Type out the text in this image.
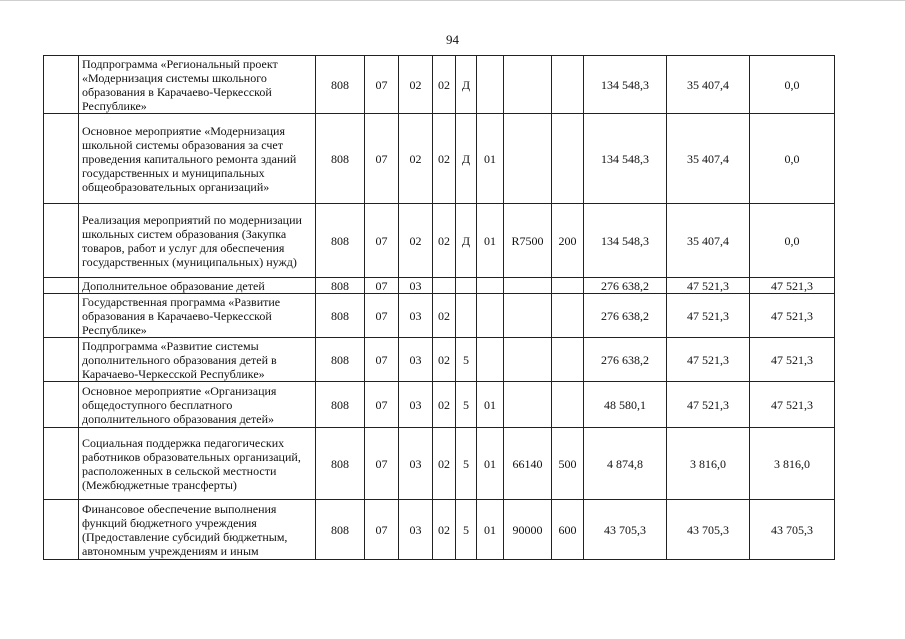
94
	Подпрограмма «Региональный проект «Модернизация системы школьного образования в Карачаево-Черкесской Республике»	808	07	02	02	Д				134 548,3	35 407,4	0,0
	Основное мероприятие «Модернизация школьной системы образования за счет проведения капитального ремонта зданий государственных и муниципальных общеобразовательных организаций»	808	07	02	02	Д	01			134 548,3	35 407,4	0,0
	Реализация мероприятий по модернизации школьных систем образования (Закупка товаров, работ и услуг для обеспечения государственных (муниципальных) нужд)	808	07	02	02	Д	01	R7500	200	134 548,3	35 407,4	0,0
	Дополнительное образование детей	808	07	03						276 638,2	47 521,3	47 521,3
	Государственная программа «Развитие образования в Карачаево-Черкесской Республике»	808	07	03	02					276 638,2	47 521,3	47 521,3
	Подпрограмма «Развитие системы дополнительного образования детей в Карачаево-Черкесской Республике»	808	07	03	02	5				276 638,2	47 521,3	47 521,3
	Основное мероприятие «Организация общедоступного бесплатного дополнительного образования детей»	808	07	03	02	5	01			48 580,1	47 521,3	47 521,3
	Социальная поддержка педагогических работников образовательных организаций, расположенных в сельской местности (Межбюджетные трансферты)	808	07	03	02	5	01	66140	500	4 874,8	3 816,0	3 816,0
	Финансовое обеспечение выполнения функций бюджетного учреждения (Предоставление субсидий бюджетным, автономным учреждениям и иным	808	07	03	02	5	01	90000	600	43 705,3	43 705,3	43 705,3
